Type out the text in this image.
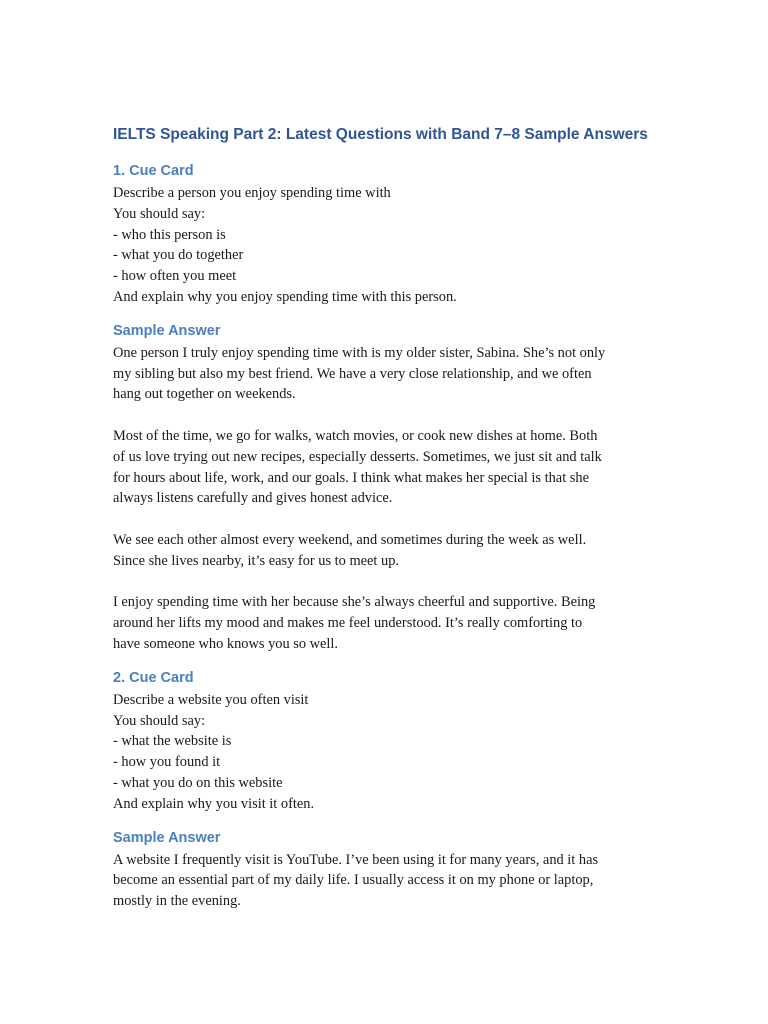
IELTS Speaking Part 2: Latest Questions with Band 7–8 Sample Answers
1. Cue Card
Describe a person you enjoy spending time with
You should say:
- who this person is
- what you do together
- how often you meet
And explain why you enjoy spending time with this person.
Sample Answer
One person I truly enjoy spending time with is my older sister, Sabina. She’s not only
my sibling but also my best friend. We have a very close relationship, and we often
hang out together on weekends.
Most of the time, we go for walks, watch movies, or cook new dishes at home. Both
of us love trying out new recipes, especially desserts. Sometimes, we just sit and talk
for hours about life, work, and our goals. I think what makes her special is that she
always listens carefully and gives honest advice.
We see each other almost every weekend, and sometimes during the week as well.
Since she lives nearby, it’s easy for us to meet up.
I enjoy spending time with her because she’s always cheerful and supportive. Being
around her lifts my mood and makes me feel understood. It’s really comforting to
have someone who knows you so well.
2. Cue Card
Describe a website you often visit
You should say:
- what the website is
- how you found it
- what you do on this website
And explain why you visit it often.
Sample Answer
A website I frequently visit is YouTube. I’ve been using it for many years, and it has
become an essential part of my daily life. I usually access it on my phone or laptop,
mostly in the evening.
